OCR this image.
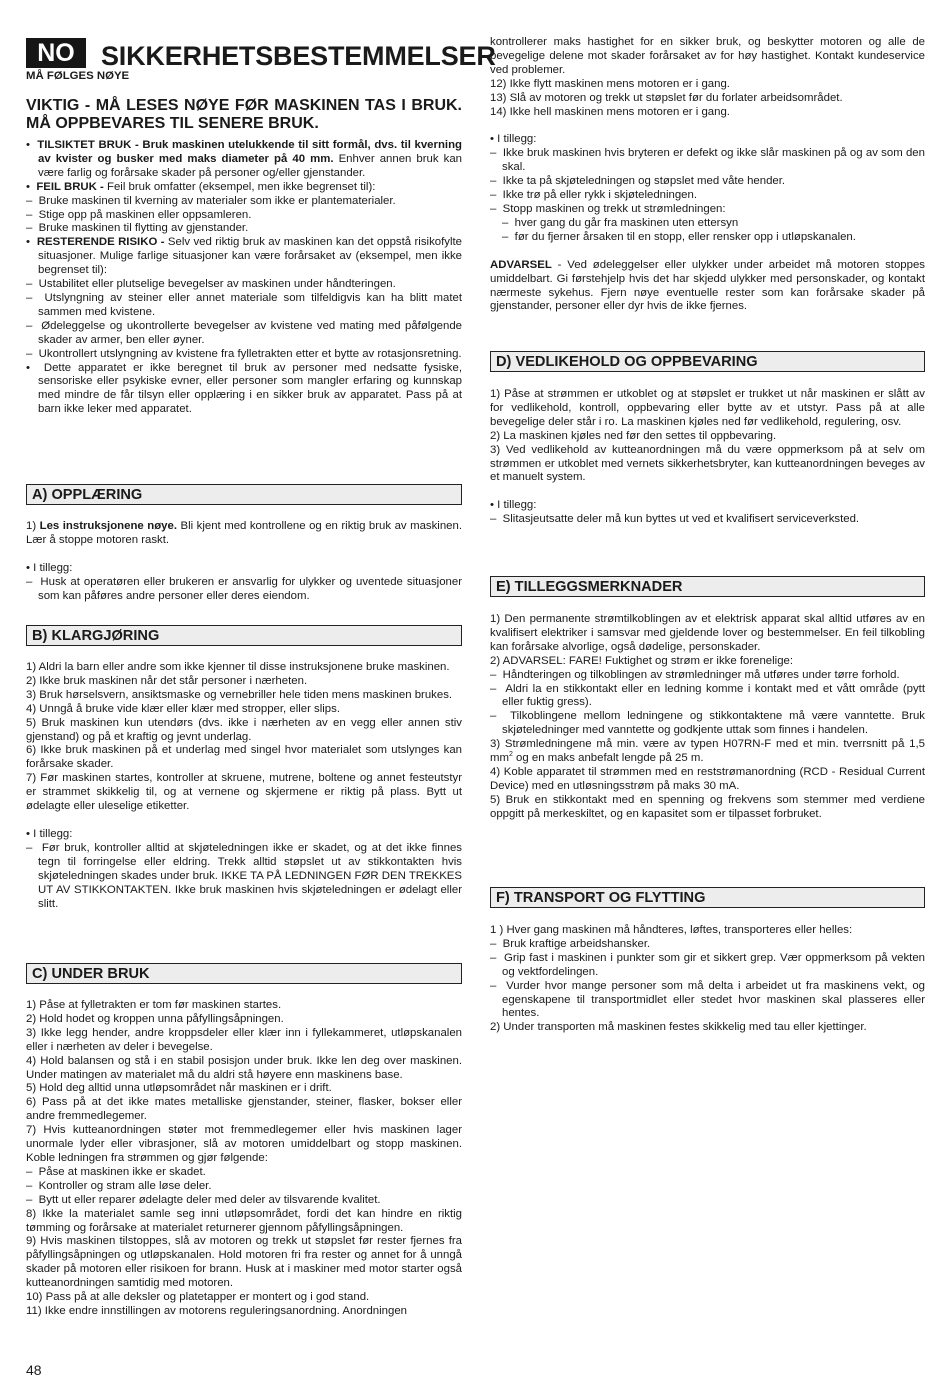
NO SIKKERHETSBESTEMMELSER
MÅ FØLGES NØYE

VIKTIG - MÅ LESES NØYE FØR MASKINEN TAS I BRUK. MÅ OPPBEVARES TIL SENERE BRUK.

•  TILSIKTET BRUK - Bruk maskinen utelukkende til sitt formål, dvs. til kverning av kvister og busker med maks diameter på 40 mm. Enhver annen bruk kan være farlig og forårsake skader på personer og/eller gjenstander.

•  FEIL BRUK - Feil bruk omfatter (eksempel, men ikke begrenset til):

–  Bruke maskinen til kverning av materialer som ikke er plantematerialer.

–  Stige opp på maskinen eller oppsamleren.

–  Bruke maskinen til flytting av gjenstander.

•  RESTERENDE RISIKO - Selv ved riktig bruk av maskinen kan det oppstå risikofylte situasjoner. Mulige farlige situasjoner kan være forårsaket av (eksempel, men ikke begrenset til):

–  Ustabilitet eller plutselige bevegelser av maskinen under håndteringen.

–  Utslyngning av steiner eller annet materiale som tilfeldigvis kan ha blitt matet sammen med kvistene.

–  Ødeleggelse og ukontrollerte bevegelser av kvistene ved mating med påfølgende skader av armer, ben eller øyner.

–  Ukontrollert utslyngning av kvistene fra fylletrakten etter et bytte av rotasjonsretning.

•  Dette apparatet er ikke beregnet til bruk av personer med nedsatte fysiske, sensoriske eller psykiske evner, eller personer som mangler erfaring og kunnskap med mindre de får tilsyn eller opplæring i en sikker bruk av apparatet. Pass på at barn ikke leker med apparatet.

A) OPPLÆRING

1) Les instruksjonene nøye. Bli kjent med kontrollene og en riktig bruk av maskinen. Lær å stoppe motoren raskt.

• I tillegg:

–  Husk at operatøren eller brukeren er ansvarlig for ulykker og uventede situasjoner som kan påføres andre personer eller deres eiendom.

B) KLARGJØRING

1) Aldri la barn eller andre som ikke kjenner til disse instruksjonene bruke maskinen.

2) Ikke bruk maskinen når det står personer i nærheten.

3) Bruk hørselsvern, ansiktsmaske og vernebriller hele tiden mens maskinen brukes.

4) Unngå å bruke vide klær eller klær med stropper, eller slips.

5) Bruk maskinen kun utendørs (dvs. ikke i nærheten av en vegg eller annen stiv gjenstand) og på et kraftig og jevnt underlag.

6) Ikke bruk maskinen på et underlag med singel hvor materialet som utslynges kan forårsake skader.

7) Før maskinen startes, kontroller at skruene, mutrene, boltene og annet festeutstyr er strammet skikkelig til, og at vernene og skjermene er riktig på plass. Bytt ut ødelagte eller uleselige etiketter.

• I tillegg:

–  Før bruk, kontroller alltid at skjøteledningen ikke er skadet, og at det ikke finnes tegn til forringelse eller eldring. Trekk alltid støpslet ut av stikkontakten hvis skjøteledningen skades under bruk. IKKE TA PÅ LEDNINGEN FØR DEN TREKKES UT AV STIKKONTAKTEN. Ikke bruk maskinen hvis skjøteledningen er ødelagt eller slitt.

C) UNDER BRUK

1) Påse at fylletrakten er tom før maskinen startes.

2) Hold hodet og kroppen unna påfyllingsåpningen.

3) Ikke legg hender, andre kroppsdeler eller klær inn i fyllekammeret, utløpskanalen eller i nærheten av deler i bevegelse.

4) Hold balansen og stå i en stabil posisjon under bruk. Ikke len deg over maskinen. Under matingen av materialet må du aldri stå høyere enn maskinens base.

5) Hold deg alltid unna utløpsområdet når maskinen er i drift.

6) Pass på at det ikke mates metalliske gjenstander, steiner, flasker, bokser eller andre fremmedlegemer.

7) Hvis kutteanordningen støter mot fremmedlegemer eller hvis maskinen lager unormale lyder eller vibrasjoner, slå av motoren umiddelbart og stopp maskinen. Koble ledningen fra strømmen og gjør følgende:

–  Påse at maskinen ikke er skadet.

–  Kontroller og stram alle løse deler.

–  Bytt ut eller reparer ødelagte deler med deler av tilsvarende kvalitet.

8) Ikke la materialet samle seg inni utløpsområdet, fordi det kan hindre en riktig tømming og forårsake at materialet returnerer gjennom påfyllingsåpningen.

9) Hvis maskinen tilstoppes, slå av motoren og trekk ut støpslet før rester fjernes fra påfyllingsåpningen og utløpskanalen. Hold motoren fri fra rester og annet for å unngå skader på motoren eller risikoen for brann. Husk at i maskiner med motor starter også kutteanordningen samtidig med motoren.

10) Pass på at alle deksler og platetapper er montert og i god stand.

11) Ikke endre innstillingen av motorens reguleringsanordning. Anordningen

48

kontrollerer maks hastighet for en sikker bruk, og beskytter motoren og alle de bevegelige delene mot skader forårsaket av for høy hastighet. Kontakt kundeservice ved problemer.

12) Ikke flytt maskinen mens motoren er i gang.

13) Slå av motoren og trekk ut støpslet før du forlater arbeidsområdet.

14) Ikke hell maskinen mens motoren er i gang.

• I tillegg:

–  Ikke bruk maskinen hvis bryteren er defekt og ikke slår maskinen på og av som den skal.

–  Ikke ta på skjøteledningen og støpslet med våte hender.

–  Ikke trø på eller rykk i skjøteledningen.

–  Stopp maskinen og trekk ut strømledningen:

–  hver gang du går fra maskinen uten ettersyn

–  før du fjerner årsaken til en stopp, eller rensker opp i utløpskanalen.

ADVARSEL - Ved ødeleggelser eller ulykker under arbeidet må motoren stoppes umiddelbart. Gi førstehjelp hvis det har skjedd ulykker med personskader, og kontakt nærmeste sykehus. Fjern nøye eventuelle rester som kan forårsake skader på gjenstander, personer eller dyr hvis de ikke fjernes.

D) VEDLIKEHOLD OG OPPBEVARING

1) Påse at strømmen er utkoblet og at støpslet er trukket ut når maskinen er slått av for vedlikehold, kontroll, oppbevaring eller bytte av et utstyr. Pass på at alle bevegelige deler står i ro. La maskinen kjøles ned før vedlikehold, regulering, osv.

2) La maskinen kjøles ned før den settes til oppbevaring.

3) Ved vedlikehold av kutteanordningen må du være oppmerksom på at selv om strømmen er utkoblet med vernets sikkerhetsbryter, kan kutteanordningen beveges av et manuelt system.

• I tillegg:

–  Slitasjeutsatte deler må kun byttes ut ved et kvalifisert serviceverksted.

E) TILLEGGSMERKNADER

1) Den permanente strømtilkoblingen av et elektrisk apparat skal alltid utføres av en kvalifisert elektriker i samsvar med gjeldende lover og bestemmelser. En feil tilkobling kan forårsake alvorlige, også dødelige, personskader.

2) ADVARSEL: FARE! Fuktighet og strøm er ikke forenelige:

–  Håndteringen og tilkoblingen av strømledninger må utføres under tørre forhold.

–  Aldri la en stikkontakt eller en ledning komme i kontakt med et vått område (pytt eller fuktig gress).

–  Tilkoblingene mellom ledningene og stikkontaktene må være vanntette. Bruk skjøteledninger med vanntette og godkjente uttak som finnes i handelen.

3) Strømledningene må min. være av typen H07RN-F med et min. tverrsnitt på 1,5 $mm^2$ og en maks anbefalt lengde på 25 m.

4) Koble apparatet til strømmen med en reststrømanordning (RCD - Residual Current Device) med en utløsningsstrøm på maks 30 mA.

5) Bruk en stikkontakt med en spenning og frekvens som stemmer med verdiene oppgitt på merkeskiltet, og en kapasitet som er tilpasset forbruket.

F) TRANSPORT OG FLYTTING

1 ) Hver gang maskinen må håndteres, løftes, transporteres eller helles:

–  Bruk kraftige arbeidshansker.

–  Grip fast i maskinen i punkter som gir et sikkert grep. Vær oppmerksom på vekten og vektfordelingen.

–  Vurder hvor mange personer som må delta i arbeidet ut fra maskinens vekt, og egenskapene til transportmidlet eller stedet hvor maskinen skal plasseres eller hentes.

2) Under transporten må maskinen festes skikkelig med tau eller kjettinger.
